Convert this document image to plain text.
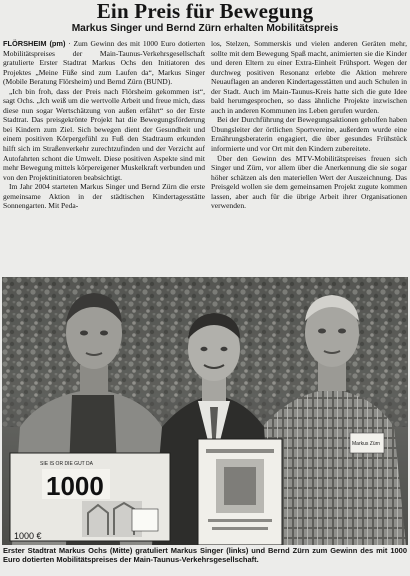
Ein Preis für Bewegung
Markus Singer und Bernd Zürn erhalten Mobilitätspreis

FLÖRSHEIM (pm) · Zum Gewinn des mit 1000 Euro dotierten Mobilitätspreises der Main-Taunus-Verkehrsgesellschaft gratulierte Erster Stadtrat Markus Ochs den Initiatoren des Projektes „Meine Füße sind zum Laufen da“, Markus Singer (Mobile Beratung Flörsheim) und Bernd Zürn (BUND).

„Ich bin froh, dass der Preis nach Flörsheim gekommen ist“, sagt Ochs. „Ich weiß um die wertvolle Arbeit und freue mich, dass diese nun sogar Wertschätzung von außen erfährt“ so der Erste Stadtrat. Das preisgekrönte Projekt hat die Bewegungsförderung bei Kindern zum Ziel. Sich bewegen dient der Gesundheit und einem positiven Körpergefühl zu Fuß den Stadtraum erkunden hilft sich im Straßenverkehr zurechtzufinden und der Verzicht auf Autofahrten schont die Umwelt. Diese positiven Aspekte sind mit mehr Bewegung mittels körpereigener Muskelkraft verbunden und von den Projektinitiatoren beabsichtigt.

Im Jahr 2004 starteten Markus Singer und Bernd Zürn die erste gemeinsame Aktion in der städtischen Kindertagesstätte Sonnengarten. Mit Peda-

los, Stelzen, Sommerskis und vielen anderen Geräten mehr, sollte mit dem Bewegung Spaß macht, animierten sie die Kinder und deren Eltern zu einer Extra-Einheit Frühsport. Wegen der durchweg positiven Resonanz erlebte die Aktion mehrere Neuauflagen an anderen Kindertagesstätten und auch Schulen in der Stadt. Auch im Main-Taunus-Kreis hatte sich die gute Idee bald herumgesprochen, so dass ähnliche Projekte inzwischen auch in anderen Kommunen ins Leben gerufen wurden.

Bei der Durchführung der Bewegungsaktionen geholfen haben Übungsleiter der örtlichen Sportvereine, außerdem wurde eine Ernährungsberaterin engagiert, die über gesundes Frühstück informierte und vor Ort mit den Kindern zubereitete.

Über den Gewinn des MTV-Mobilitätspreises freuen sich Singer und Zürn, vor allem über die Anerkennung die sie sogar höher schätzen als den materiellen Wert der Auszeichnung. Das Preisgeld wollen sie dem gemeinsamen Projekt zugute kommen lassen, aber auch für die übrige Arbeit ihrer Organisationen verwenden.

SIE IS OR DIE GUT DA
1000
1000 €
Markus Zürn

Erster Stadtrat Markus Ochs (Mitte) gratuliert Markus Singer (links) und Bernd Zürn zum Gewinn des mit 1000 Euro dotierten Mobilitätspreises der Main-Taunus-Verkehrsgesellschaft.
